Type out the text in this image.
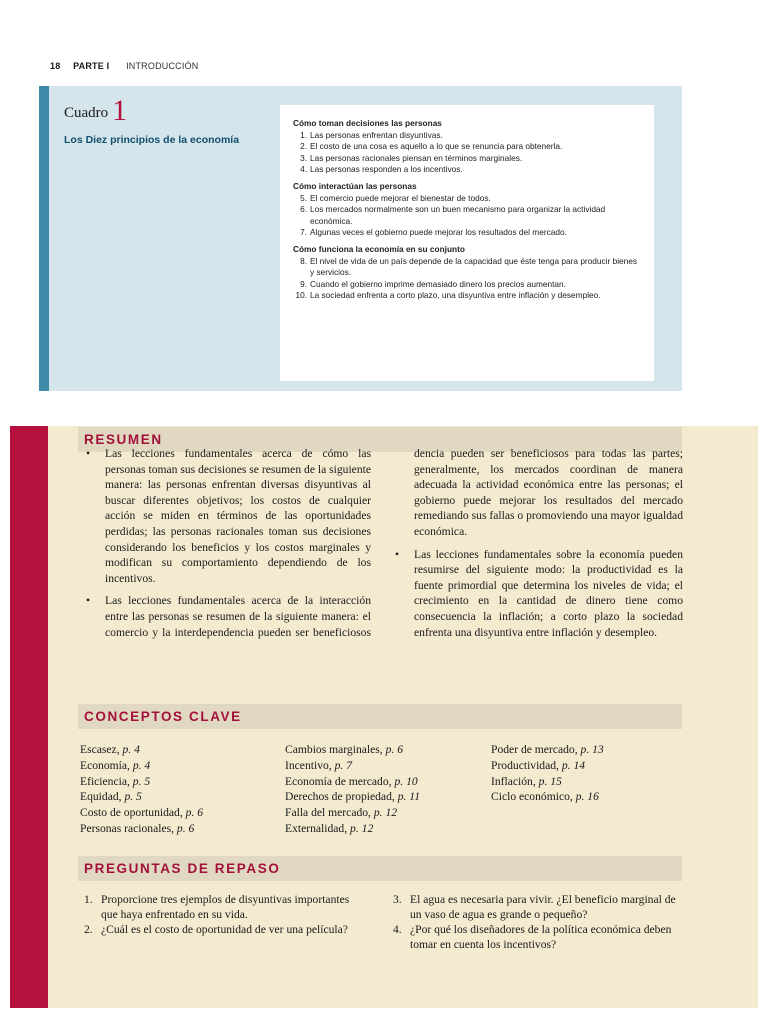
18 PARTE I INTRODUCCIÓN
Cuadro 1
Los Diez principios de la economía
Cómo toman decisiones las personas
1. Las personas enfrentan disyuntivas.
2. El costo de una cosa es aquello a lo que se renuncia para obtenerla.
3. Las personas racionales piensan en términos marginales.
4. Las personas responden a los incentivos.
Cómo interactúan las personas
5. El comercio puede mejorar el bienestar de todos.
6. Los mercados normalmente son un buen mecanismo para organizar la actividad económica.
7. Algunas veces el gobierno puede mejorar los resultados del mercado.
Cómo funciona la economía en su conjunto
8. El nivel de vida de un país depende de la capacidad que éste tenga para producir bienes y servicios.
9. Cuando el gobierno imprime demasiado dinero los precios aumentan.
10. La sociedad enfrenta a corto plazo, una disyuntiva entre inflación y desempleo.
RESUMEN
• Las lecciones fundamentales acerca de cómo las personas toman sus decisiones se resumen de la siguiente manera: las personas enfrentan diversas disyuntivas al buscar diferentes objetivos; los costos de cualquier acción se miden en términos de las oportunidades perdidas; las personas racionales toman sus decisiones considerando los beneficios y los costos marginales y modifican su comportamiento dependiendo de los incentivos.
• Las lecciones fundamentales acerca de la interacción entre las personas se resumen de la siguiente manera: el comercio y la interdependencia pueden ser beneficiosos
dencia pueden ser beneficiosos para todas las partes; generalmente, los mercados coordinan de manera adecuada la actividad económica entre las personas; el gobierno puede mejorar los resultados del mercado remediando sus fallas o promoviendo una mayor igualdad económica.
• Las lecciones fundamentales sobre la economía pueden resumirse del siguiente modo: la productividad es la fuente primordial que determina los niveles de vida; el crecimiento en la cantidad de dinero tiene como consecuencia la inflación; a corto plazo la sociedad enfrenta una disyuntiva entre inflación y desempleo.
CONCEPTOS CLAVE
Escasez, p. 4
Economía, p. 4
Eficiencia, p. 5
Equidad, p. 5
Costo de oportunidad, p. 6
Personas racionales, p. 6
Cambios marginales, p. 6
Incentivo, p. 7
Economía de mercado, p. 10
Derechos de propiedad, p. 11
Falla del mercado, p. 12
Externalidad, p. 12
Poder de mercado, p. 13
Productividad, p. 14
Inflación, p. 15
Ciclo económico, p. 16
PREGUNTAS DE REPASO
1. Proporcione tres ejemplos de disyuntivas importantes que haya enfrentado en su vida.
2. ¿Cuál es el costo de oportunidad de ver una película?
3. El agua es necesaria para vivir. ¿El beneficio marginal de un vaso de agua es grande o pequeño?
4. ¿Por qué los diseñadores de la política económica deben tomar en cuenta los incentivos?
